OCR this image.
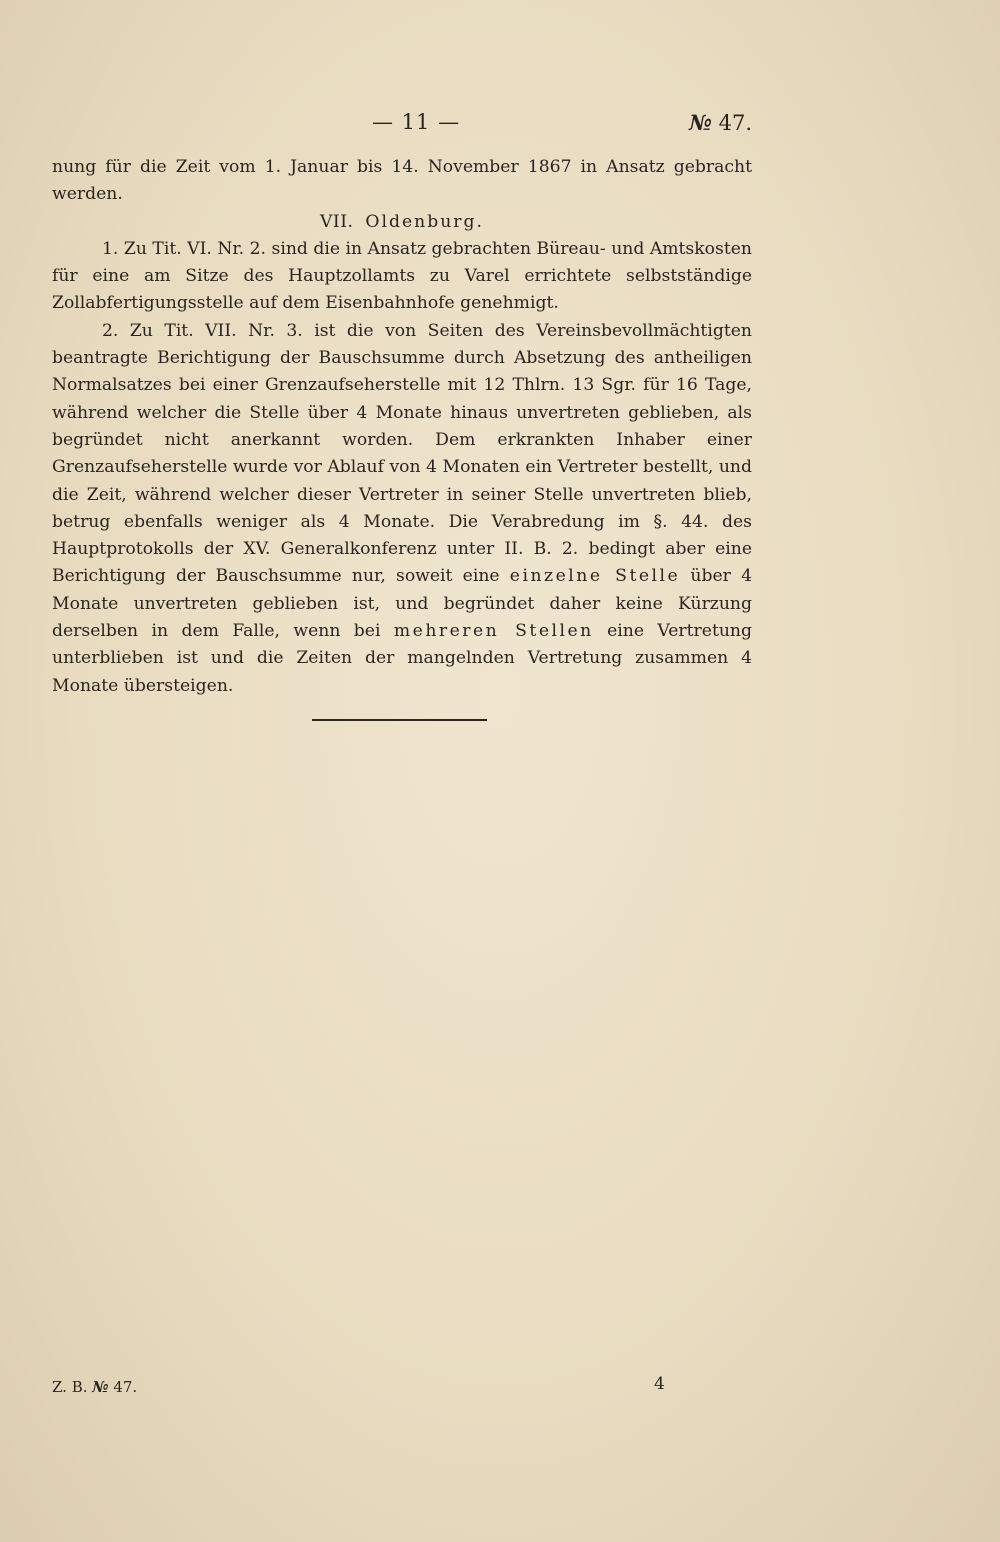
— 11 —	№ 47.

nung für die Zeit vom 1. Januar bis 14. November 1867 in Ansatz gebracht werden.

VII. Oldenburg.

1. Zu Tit. VI. Nr. 2. sind die in Ansatz gebrachten Büreau- und Amtskosten für eine am Sitze des Hauptzollamts zu Varel errichtete selbstständige Zollabfertigungsstelle auf dem Eisenbahnhofe genehmigt.

2. Zu Tit. VII. Nr. 3. ist die von Seiten des Vereinsbevollmächtigten beantragte Berichtigung der Bauschsumme durch Absetzung des antheiligen Normalsatzes bei einer Grenzaufseherstelle mit 12 Thlrn. 13 Sgr. für 16 Tage, während welcher die Stelle über 4 Monate hinaus unvertreten geblieben, als begründet nicht anerkannt worden. Dem erkrankten Inhaber einer Grenzaufseherstelle wurde vor Ablauf von 4 Monaten ein Vertreter bestellt, und die Zeit, während welcher dieser Vertreter in seiner Stelle unvertreten blieb, betrug ebenfalls weniger als 4 Monate. Die Verabredung im §. 44. des Hauptprotokolls der XV. Generalkonferenz unter II. B. 2. bedingt aber eine Berichtigung der Bauschsumme nur, soweit eine einzelne Stelle über 4 Monate unvertreten geblieben ist, und begründet daher keine Kürzung derselben in dem Falle, wenn bei mehreren Stellen eine Vertretung unterblieben ist und die Zeiten der mangelnden Vertretung zusammen 4 Monate übersteigen.

Z. B. № 47.	4
